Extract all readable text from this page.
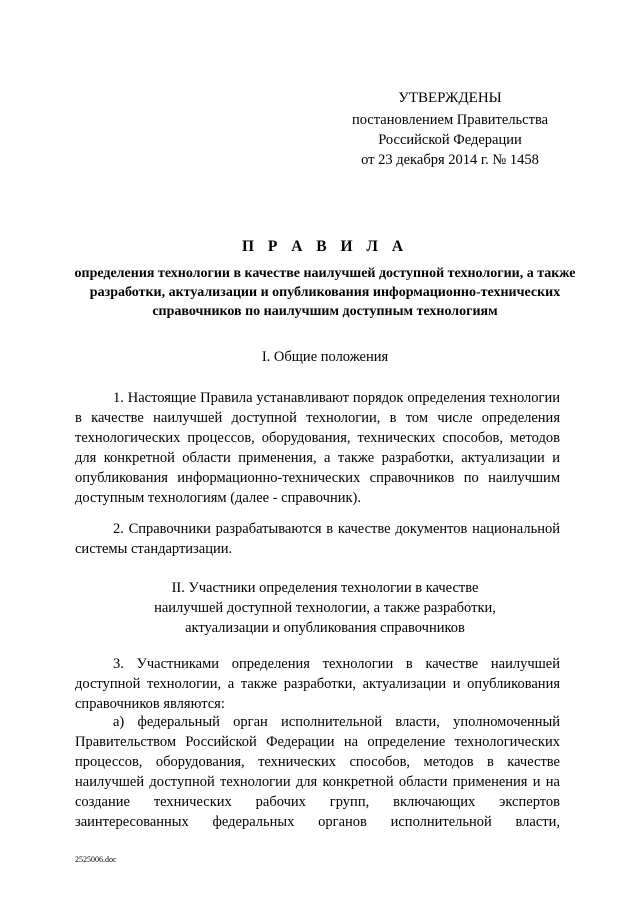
УТВЕРЖДЕНЫ
постановлением Правительства
Российской Федерации
от 23 декабря 2014 г. № 1458
П Р А В И Л А
определения технологии в качестве наилучшей доступной технологии, а также разработки, актуализации и опубликования информационно-технических справочников по наилучшим доступным технологиям
I. Общие положения
1. Настоящие Правила устанавливают порядок определения технологии в качестве наилучшей доступной технологии, в том числе определения технологических процессов, оборудования, технических способов, методов для конкретной области применения, а также разработки, актуализации и опубликования информационно-технических справочников по наилучшим доступным технологиям (далее - справочник).
2. Справочники разрабатываются в качестве документов национальной системы стандартизации.
II. Участники определения технологии в качестве
наилучшей доступной технологии, а также разработки,
актуализации и опубликования справочников
3. Участниками определения технологии в качестве наилучшей доступной технологии, а также разработки, актуализации и опубликования справочников являются:
а) федеральный орган исполнительной власти, уполномоченный Правительством Российской Федерации на определение технологических процессов, оборудования, технических способов, методов в качестве наилучшей доступной технологии для конкретной области применения и на создание технических рабочих групп, включающих экспертов заинтересованных федеральных органов исполнительной власти,
2525006.doc
